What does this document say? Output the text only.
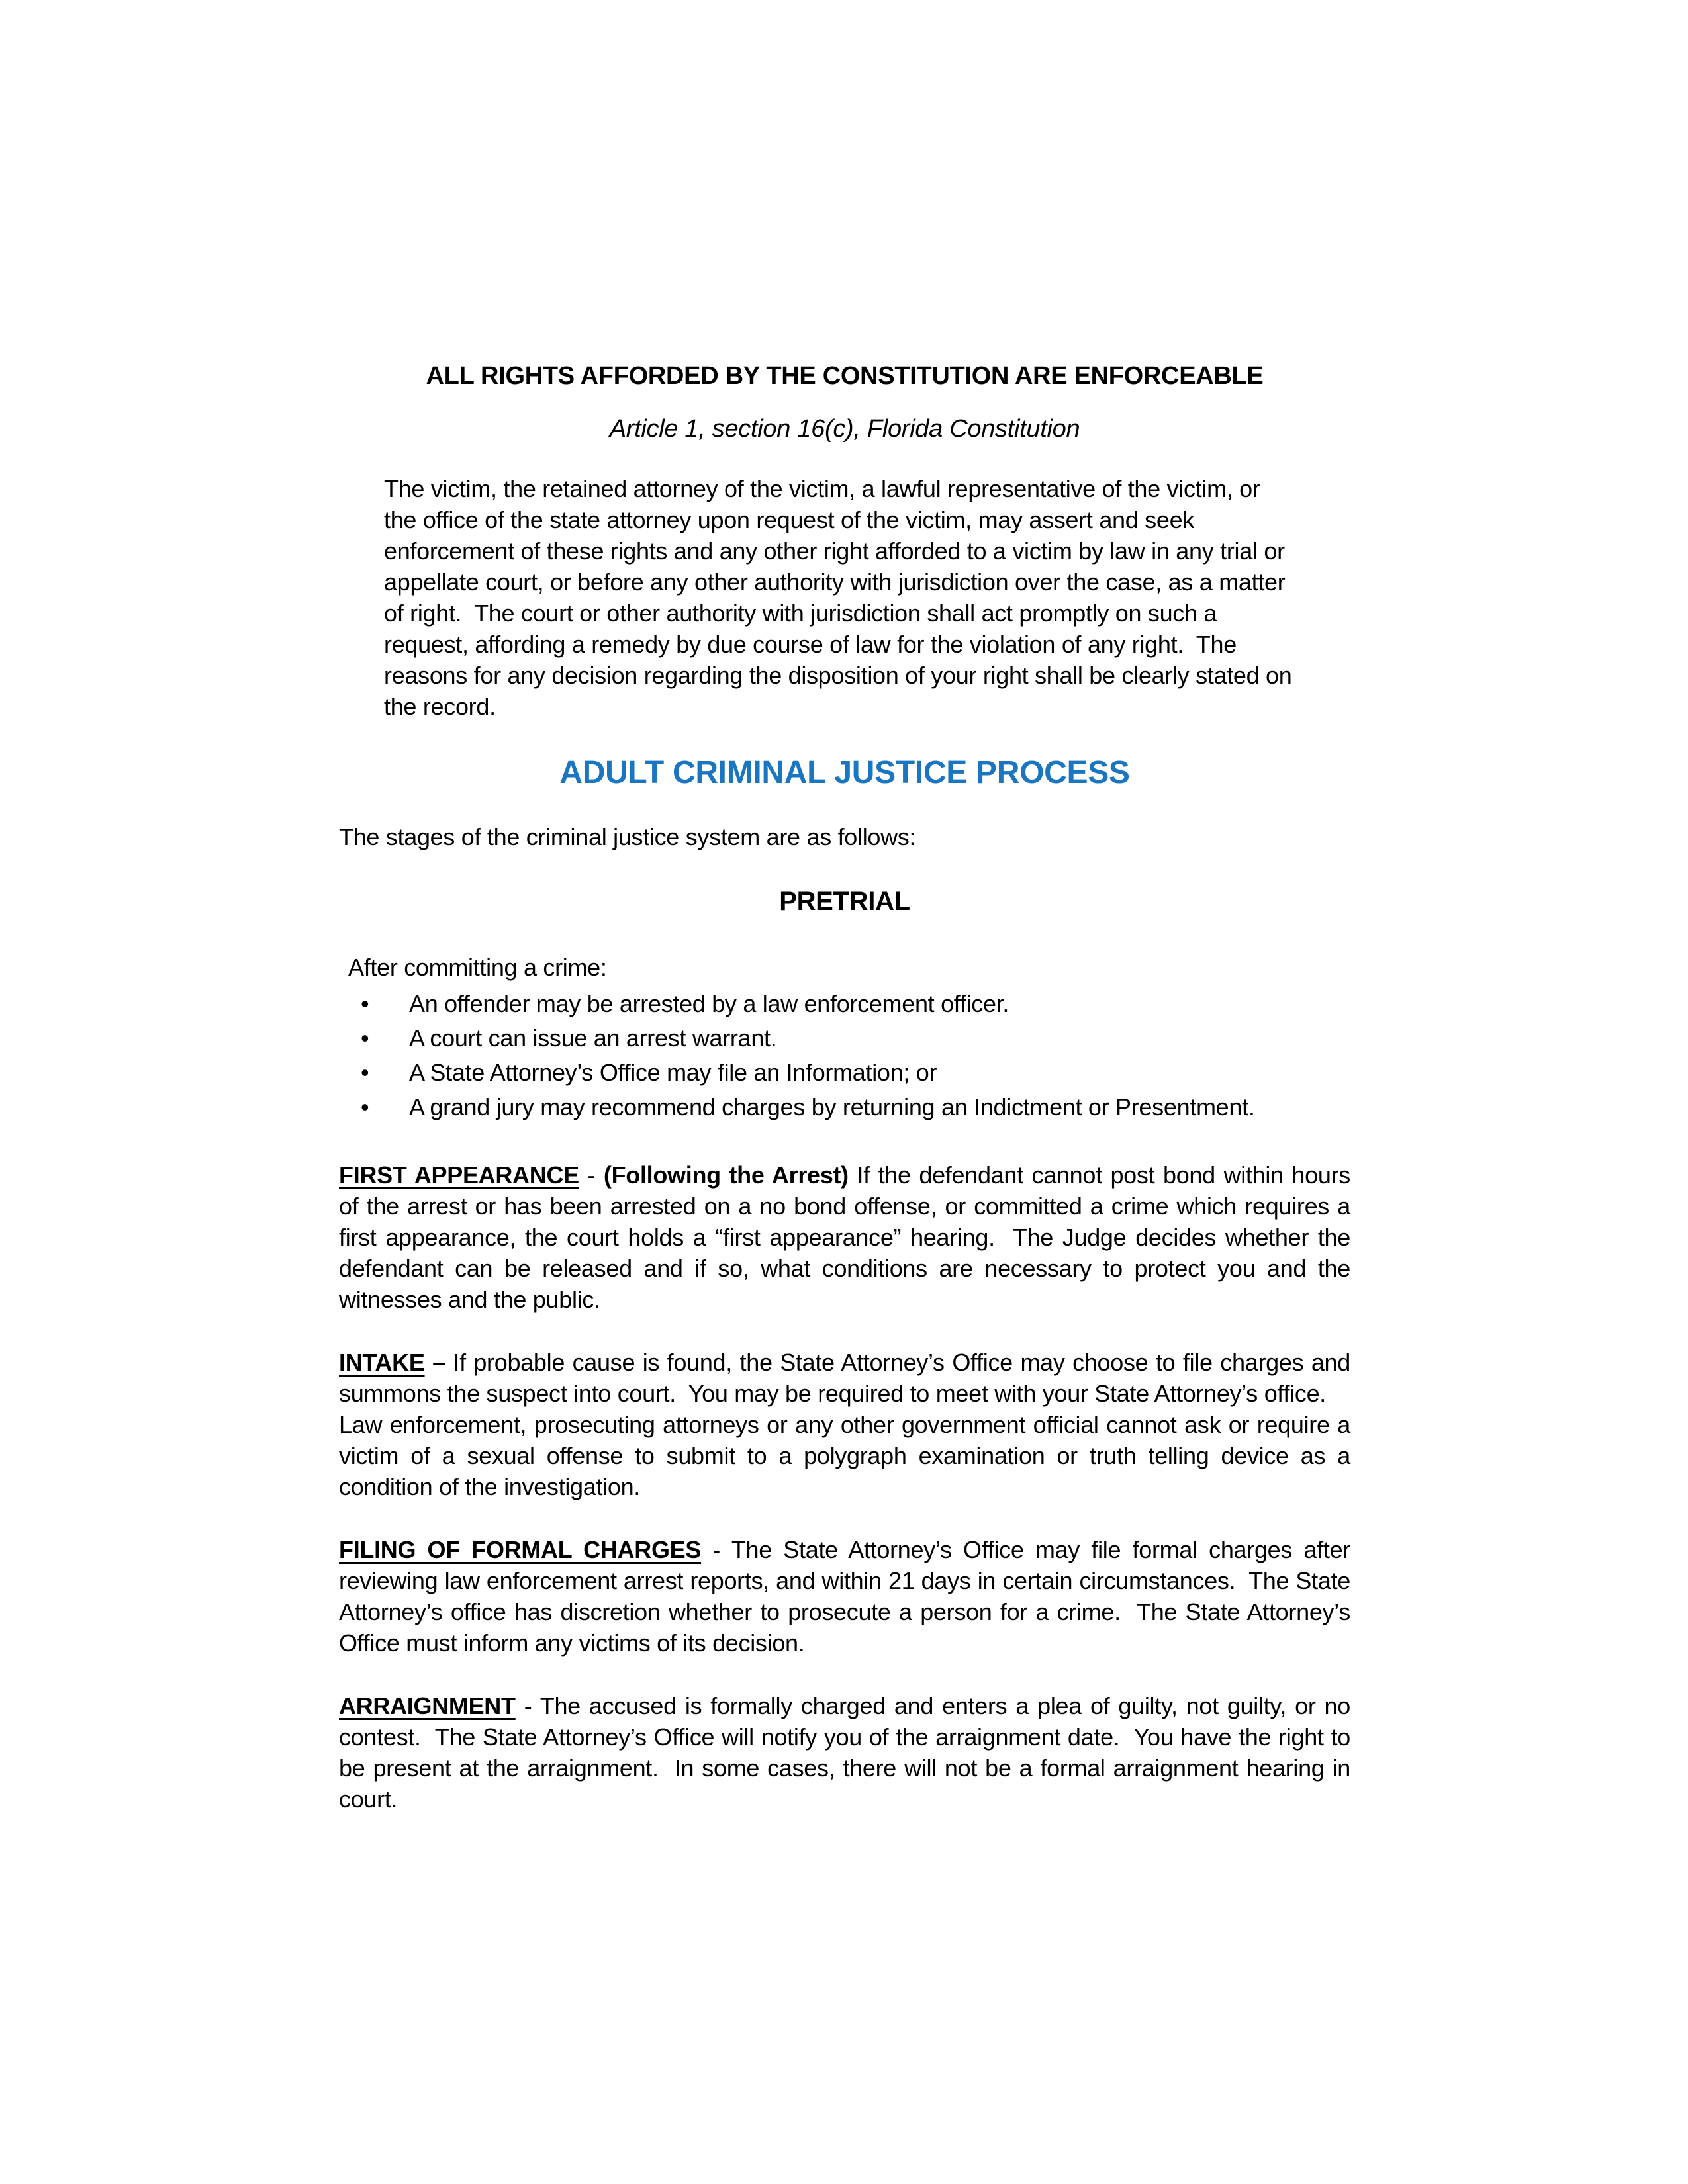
ALL RIGHTS AFFORDED BY THE CONSTITUTION ARE ENFORCEABLE
Article 1, section 16(c), Florida Constitution

The victim, the retained attorney of the victim, a lawful representative of the victim, or the office of the state attorney upon request of the victim, may assert and seek enforcement of these rights and any other right afforded to a victim by law in any trial or appellate court, or before any other authority with jurisdiction over the case, as a matter of right.  The court or other authority with jurisdiction shall act promptly on such a request, affording a remedy by due course of law for the violation of any right.  The reasons for any decision regarding the disposition of your right shall be clearly stated on the record.

ADULT CRIMINAL JUSTICE PROCESS

The stages of the criminal justice system are as follows:

PRETRIAL

After committing a crime:

• An offender may be arrested by a law enforcement officer.
• A court can issue an arrest warrant.
• A State Attorney’s Office may file an Information; or
• A grand jury may recommend charges by returning an Indictment or Presentment.

FIRST APPEARANCE - (Following the Arrest) If the defendant cannot post bond within hours of the arrest or has been arrested on a no bond offense, or committed a crime which requires a first appearance, the court holds a “first appearance” hearing.  The Judge decides whether the defendant can be released and if so, what conditions are necessary to protect you and the witnesses and the public.

INTAKE – If probable cause is found, the State Attorney’s Office may choose to file charges and summons the suspect into court.  You may be required to meet with your State Attorney’s office.
Law enforcement, prosecuting attorneys or any other government official cannot ask or require a victim of a sexual offense to submit to a polygraph examination or truth telling device as a condition of the investigation.

FILING OF FORMAL CHARGES - The State Attorney’s Office may file formal charges after reviewing law enforcement arrest reports, and within 21 days in certain circumstances.  The State Attorney’s office has discretion whether to prosecute a person for a crime.  The State Attorney’s Office must inform any victims of its decision.

ARRAIGNMENT - The accused is formally charged and enters a plea of guilty, not guilty, or no contest.  The State Attorney’s Office will notify you of the arraignment date.  You have the right to be present at the arraignment.  In some cases, there will not be a formal arraignment hearing in court.
